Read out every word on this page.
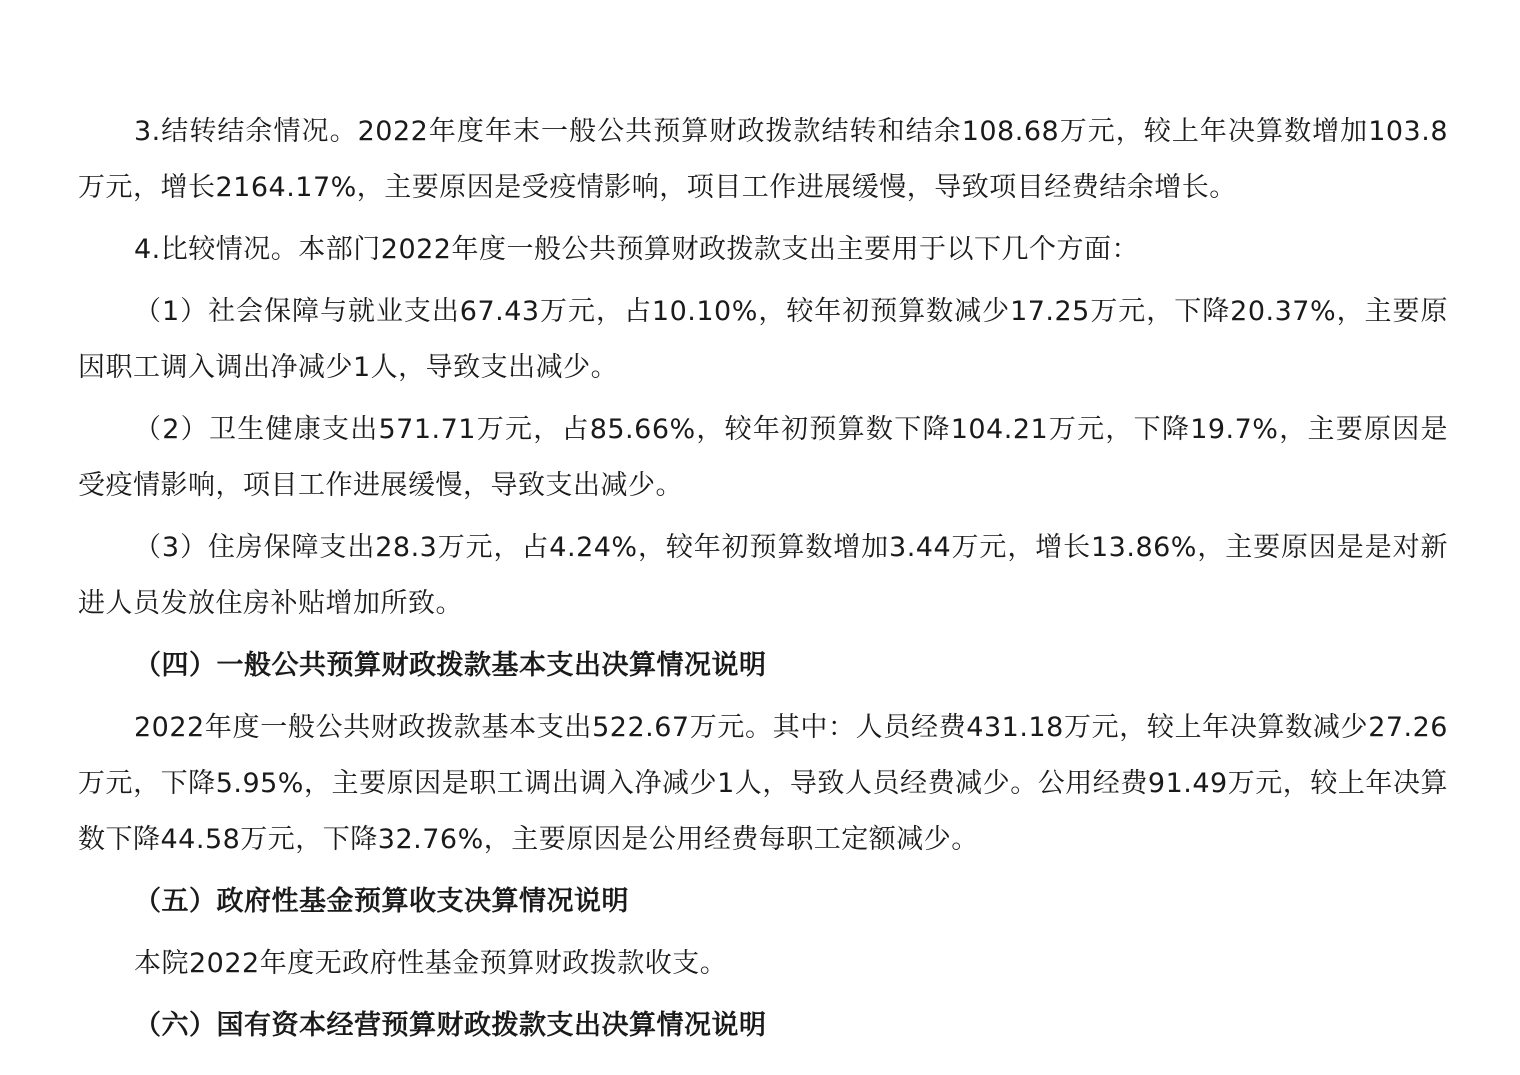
3.结转结余情况。2022年度年末一般公共预算财政拨款结转和结余108.68万元，较上年决算数增加103.8万元，增长2164.17%，主要原因是受疫情影响，项目工作进展缓慢，导致项目经费结余增长。

4.比较情况。本部门2022年度一般公共预算财政拨款支出主要用于以下几个方面：

（1）社会保障与就业支出67.43万元，占10.10%，较年初预算数减少17.25万元，下降20.37%，主要原因职工调入调出净减少1人，导致支出减少。

（2）卫生健康支出571.71万元，占85.66%，较年初预算数下降104.21万元，下降19.7%，主要原因是受疫情影响，项目工作进展缓慢，导致支出减少。

（3）住房保障支出28.3万元，占4.24%，较年初预算数增加3.44万元，增长13.86%，主要原因是是对新进人员发放住房补贴增加所致。

（四）一般公共预算财政拨款基本支出决算情况说明

2022年度一般公共财政拨款基本支出522.67万元。其中：人员经费431.18万元，较上年决算数减少27.26万元，下降5.95%，主要原因是职工调出调入净减少1人，导致人员经费减少。公用经费91.49万元，较上年决算数下降44.58万元，下降32.76%，主要原因是公用经费每职工定额减少。

（五）政府性基金预算收支决算情况说明

本院2022年度无政府性基金预算财政拨款收支。

（六）国有资本经营预算财政拨款支出决算情况说明
